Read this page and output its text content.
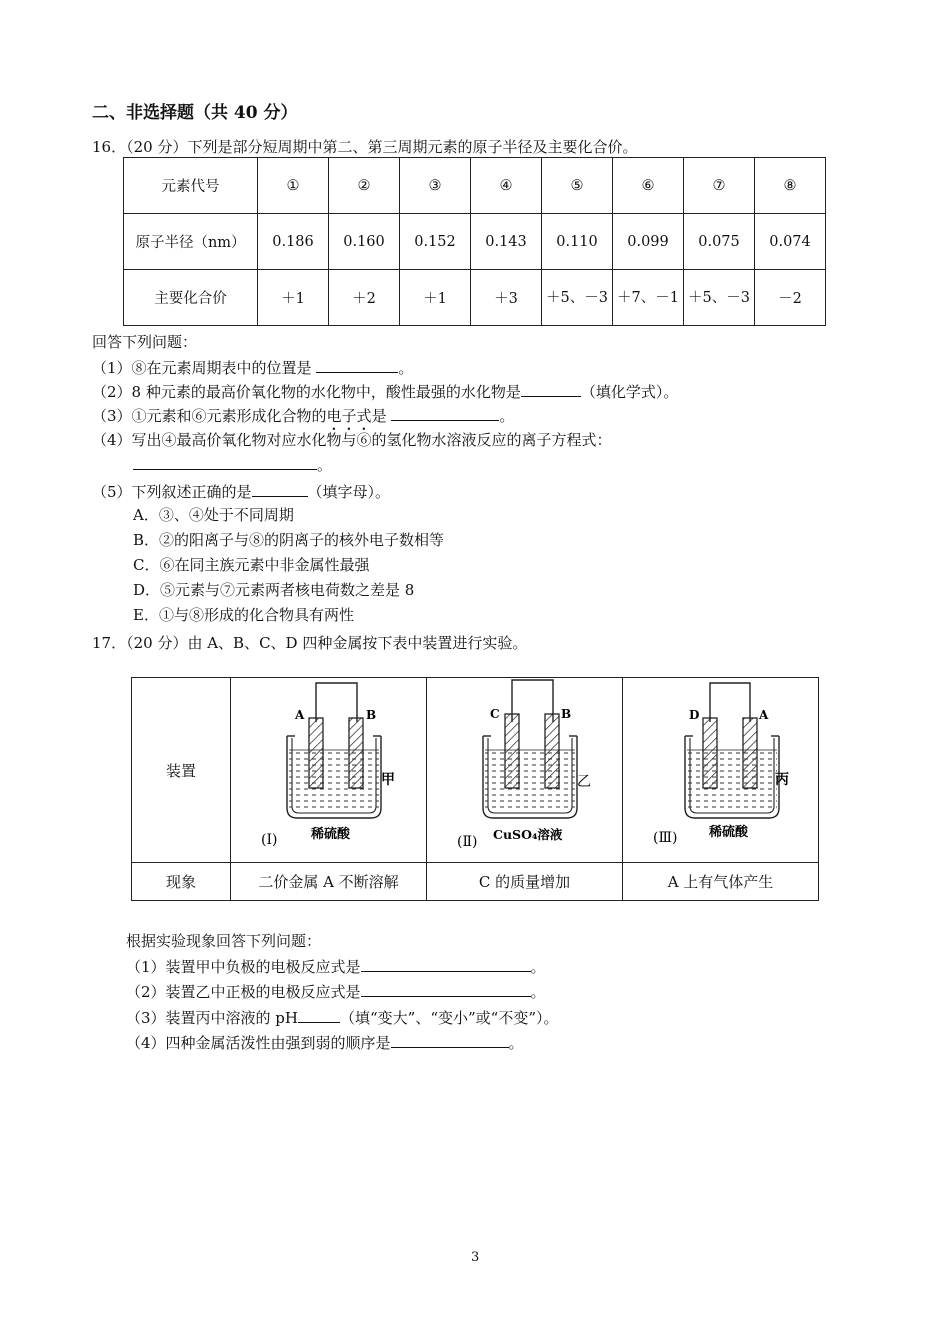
二、非选择题（共 40 分）
16．（20 分）下列是部分短周期中第二、第三周期元素的原子半径及主要化合价。
元素代号	①	②	③	④	⑤	⑥	⑦	⑧
原子半径（nm）	0.186	0.160	0.152	0.143	0.110	0.099	0.075	0.074
主要化合价	＋1	＋2	＋1	＋3	＋5、－3	＋7、－1	＋5、－3	－2
回答下列问题：
（1）⑧在元素周期表中的位置是	。
（2）8 种元素的最高价氧化物的水化物中，酸性最强的水化物是	（填化学式）。
（3）①元素和⑥元素形成化合物的电子式是	。
（4）写出④最高价氧化物对应水化物与⑥的氢化物水溶液反应的离子方程式：
。
（5）下列叙述正确的是	（填字母）。
A．③、④处于不同周期
B．②的阳离子与⑧的阴离子的核外电子数相等
C．⑥在同主族元素中非金属性最强
D．⑤元素与⑦元素两者核电荷数之差是 8
E．①与⑧形成的化合物具有两性
17．（20 分）由 A、B、C、D 四种金属按下表中装置进行实验。
装置	A B
甲
(Ⅰ) 稀硫酸	C B
乙
(Ⅱ) CuSO₄溶液	D A
丙
(Ⅲ) 稀硫酸

现象	二价金属 A 不断溶解	C 的质量增加	A 上有气体产生
根据实验现象回答下列问题：
（1）装置甲中负极的电极反应式是	。
（2）装置乙中正极的电极反应式是	。
（3）装置丙中溶液的 pH	（填“变大”、“变小”或“不变”）。
（4）四种金属活泼性由强到弱的顺序是	。
3
